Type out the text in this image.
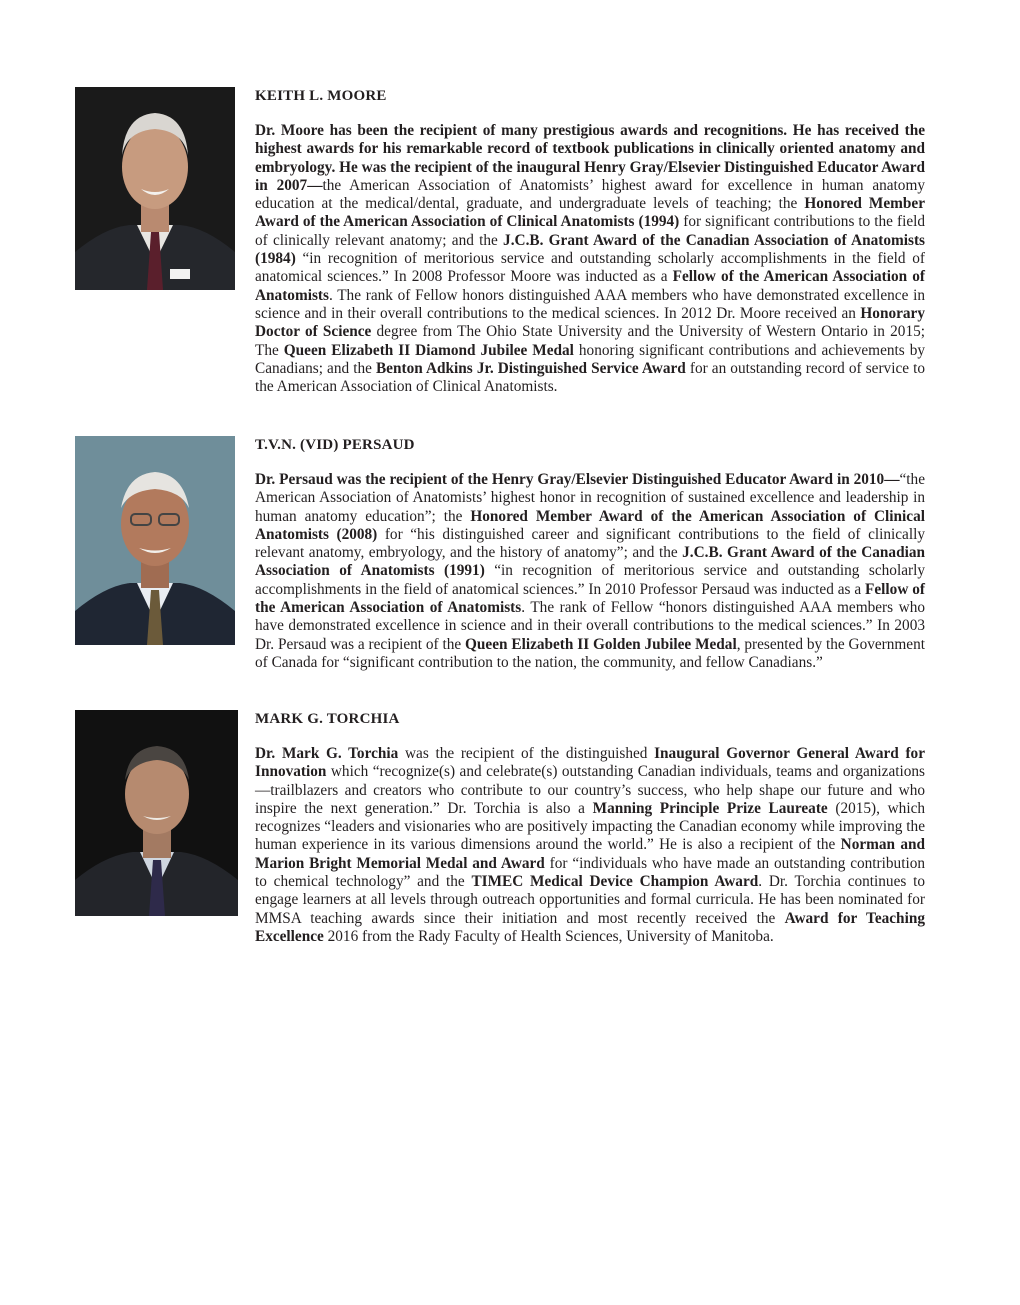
KEITH L. MOORE

Dr. Moore has been the recipient of many prestigious awards and recognitions. He has received the highest awards for his remarkable record of textbook publications in clinically oriented anatomy and embryology. He was the recipient of the inaugural Henry Gray/Elsevier Distinguished Educator Award in 2007—the American Association of Anatomists’ highest award for excellence in human anatomy education at the medical/dental, graduate, and undergraduate levels of teaching; the Honored Member Award of the American Association of Clinical Anatomists (1994) for significant contributions to the field of clinically relevant anatomy; and the J.C.B. Grant Award of the Canadian Association of Anatomists (1984) “in recognition of meritorious service and outstanding scholarly accomplishments in the field of anatomical sciences.” In 2008 Professor Moore was inducted as a Fellow of the American Association of Anatomists. The rank of Fellow honors distinguished AAA members who have demonstrated excellence in science and in their overall contributions to the medical sciences. In 2012 Dr. Moore received an Honorary Doctor of Science degree from The Ohio State University and the University of Western Ontario in 2015; The Queen Elizabeth II Diamond Jubilee Medal honoring significant contributions and achievements by Canadians; and the Benton Adkins Jr. Distinguished Service Award for an outstanding record of service to the American Association of Clinical Anatomists.

T.V.N. (VID) PERSAUD

Dr. Persaud was the recipient of the Henry Gray/Elsevier Distinguished Educator Award in 2010—“the American Association of Anatomists’ highest honor in recognition of sustained excellence and leadership in human anatomy education”; the Honored Member Award of the American Association of Clinical Anatomists (2008) for “his distinguished career and significant contributions to the field of clinically relevant anatomy, embryology, and the history of anatomy”; and the J.C.B. Grant Award of the Canadian Association of Anatomists (1991) “in recognition of meritorious service and outstanding scholarly accomplishments in the field of anatomical sciences.” In 2010 Professor Persaud was inducted as a Fellow of the American Association of Anatomists. The rank of Fellow “honors distinguished AAA members who have demonstrated excellence in science and in their overall contributions to the medical sciences.” In 2003 Dr. Persaud was a recipient of the Queen Elizabeth II Golden Jubilee Medal, presented by the Government of Canada for “significant contribution to the nation, the community, and fellow Canadians.”

MARK G. TORCHIA

Dr. Mark G. Torchia was the recipient of the distinguished Inaugural Governor General Award for Innovation which “recognize(s) and celebrate(s) outstanding Canadian individuals, teams and organizations—trailblazers and creators who contribute to our country’s success, who help shape our future and who inspire the next generation.” Dr. Torchia is also a Manning Principle Prize Laureate (2015), which recognizes “leaders and visionaries who are positively impacting the Canadian economy while improving the human experience in its various dimensions around the world.” He is also a recipient of the Norman and Marion Bright Memorial Medal and Award for “individuals who have made an outstanding contribution to chemical technology” and the TIMEC Medical Device Champion Award. Dr. Torchia continues to engage learners at all levels through outreach opportunities and formal curricula. He has been nominated for MMSA teaching awards since their initiation and most recently received the Award for Teaching Excellence 2016 from the Rady Faculty of Health Sciences, University of Manitoba.
